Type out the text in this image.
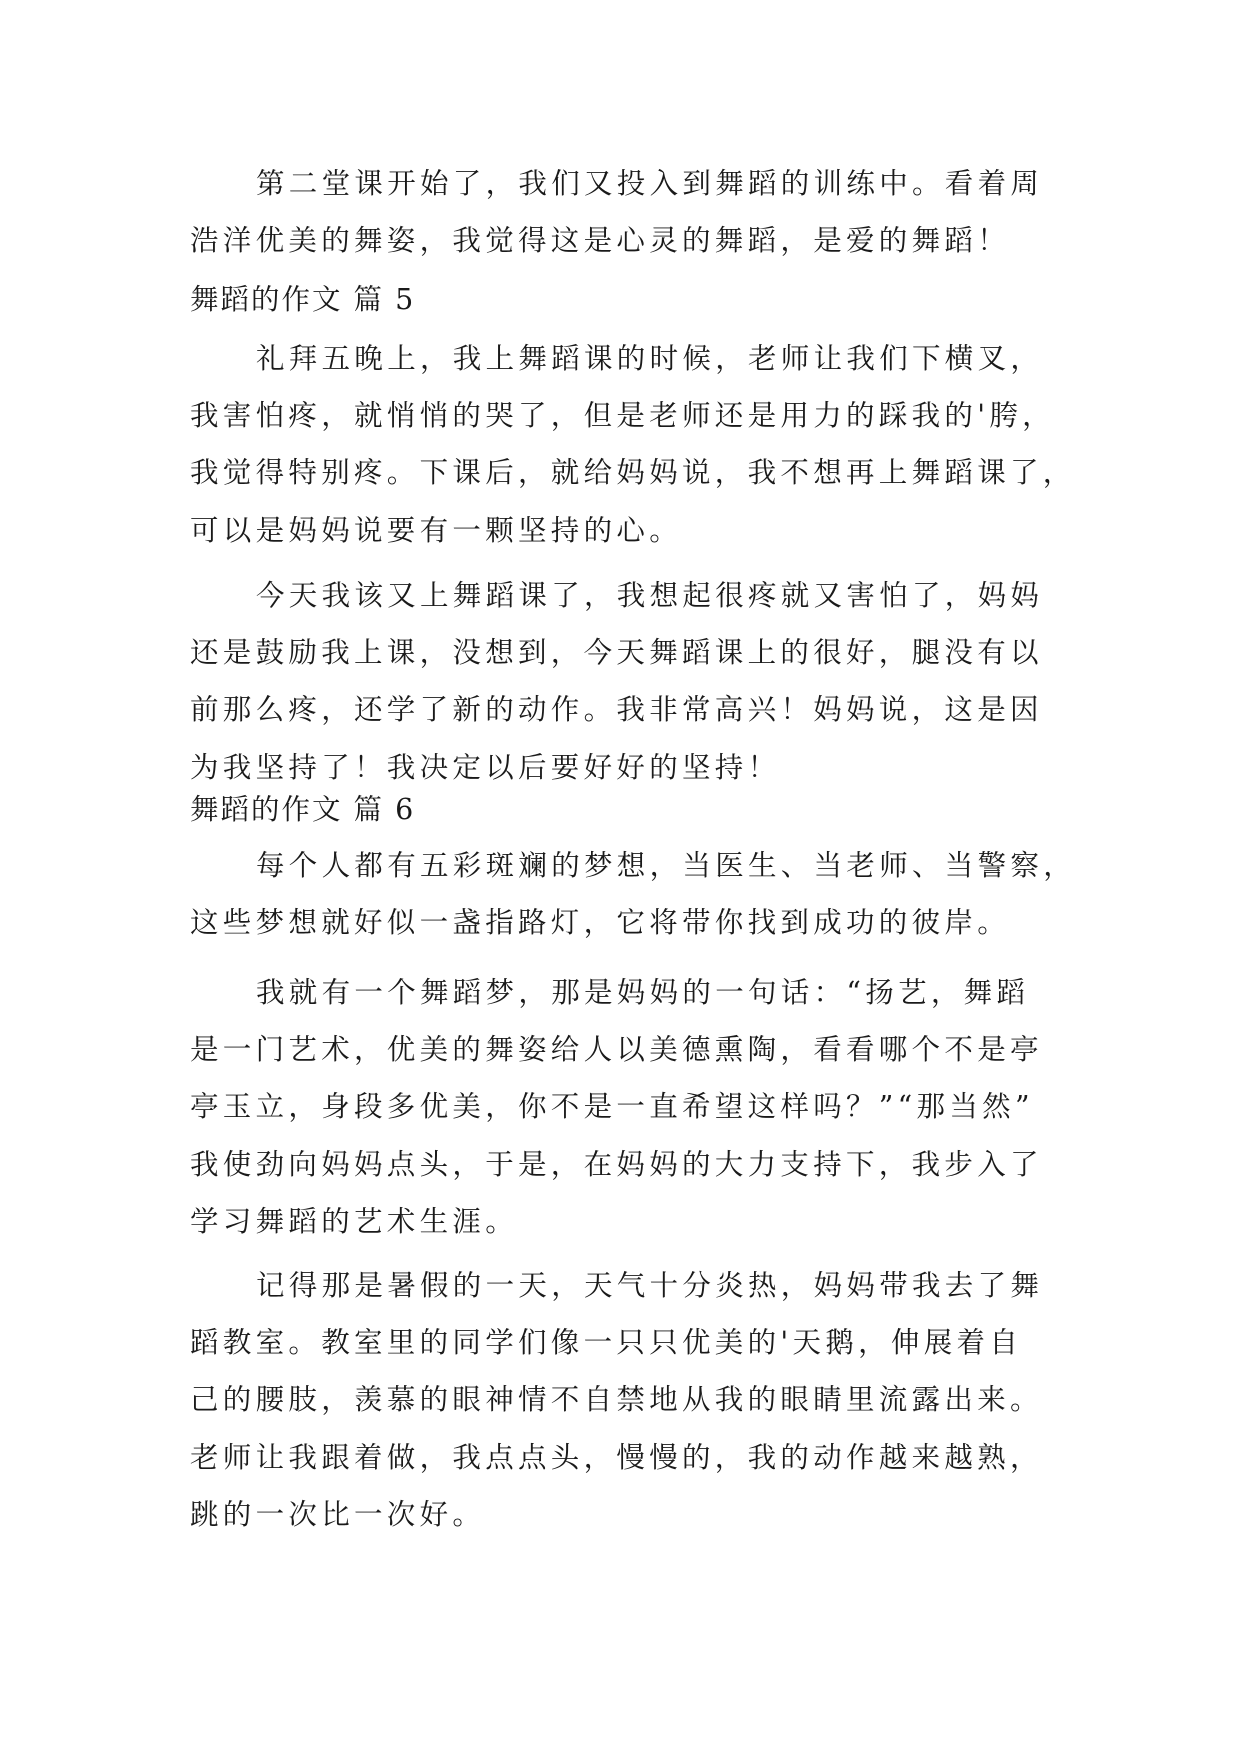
第二堂课开始了，我们又投入到舞蹈的训练中。看着周
浩洋优美的舞姿，我觉得这是心灵的舞蹈，是爱的舞蹈！
舞蹈的作文 篇 5
礼拜五晚上，我上舞蹈课的时候，老师让我们下横叉，
我害怕疼，就悄悄的哭了，但是老师还是用力的踩我的'胯，
我觉得特别疼。下课后，就给妈妈说，我不想再上舞蹈课了，
可以是妈妈说要有一颗坚持的心。
今天我该又上舞蹈课了，我想起很疼就又害怕了，妈妈
还是鼓励我上课，没想到，今天舞蹈课上的很好，腿没有以
前那么疼，还学了新的动作。我非常高兴！妈妈说，这是因
为我坚持了！我决定以后要好好的坚持！
舞蹈的作文 篇 6
每个人都有五彩斑斓的梦想，当医生、当老师、当警察，
这些梦想就好似一盏指路灯，它将带你找到成功的彼岸。
我就有一个舞蹈梦，那是妈妈的一句话：“扬艺，舞蹈
是一门艺术，优美的舞姿给人以美德熏陶，看看哪个不是亭
亭玉立，身段多优美，你不是一直希望这样吗？”“那当然”
我使劲向妈妈点头，于是，在妈妈的大力支持下，我步入了
学习舞蹈的艺术生涯。
记得那是暑假的一天，天气十分炎热，妈妈带我去了舞
蹈教室。教室里的同学们像一只只优美的'天鹅，伸展着自
己的腰肢，羡慕的眼神情不自禁地从我的眼睛里流露出来。
老师让我跟着做，我点点头，慢慢的，我的动作越来越熟，
跳的一次比一次好。
